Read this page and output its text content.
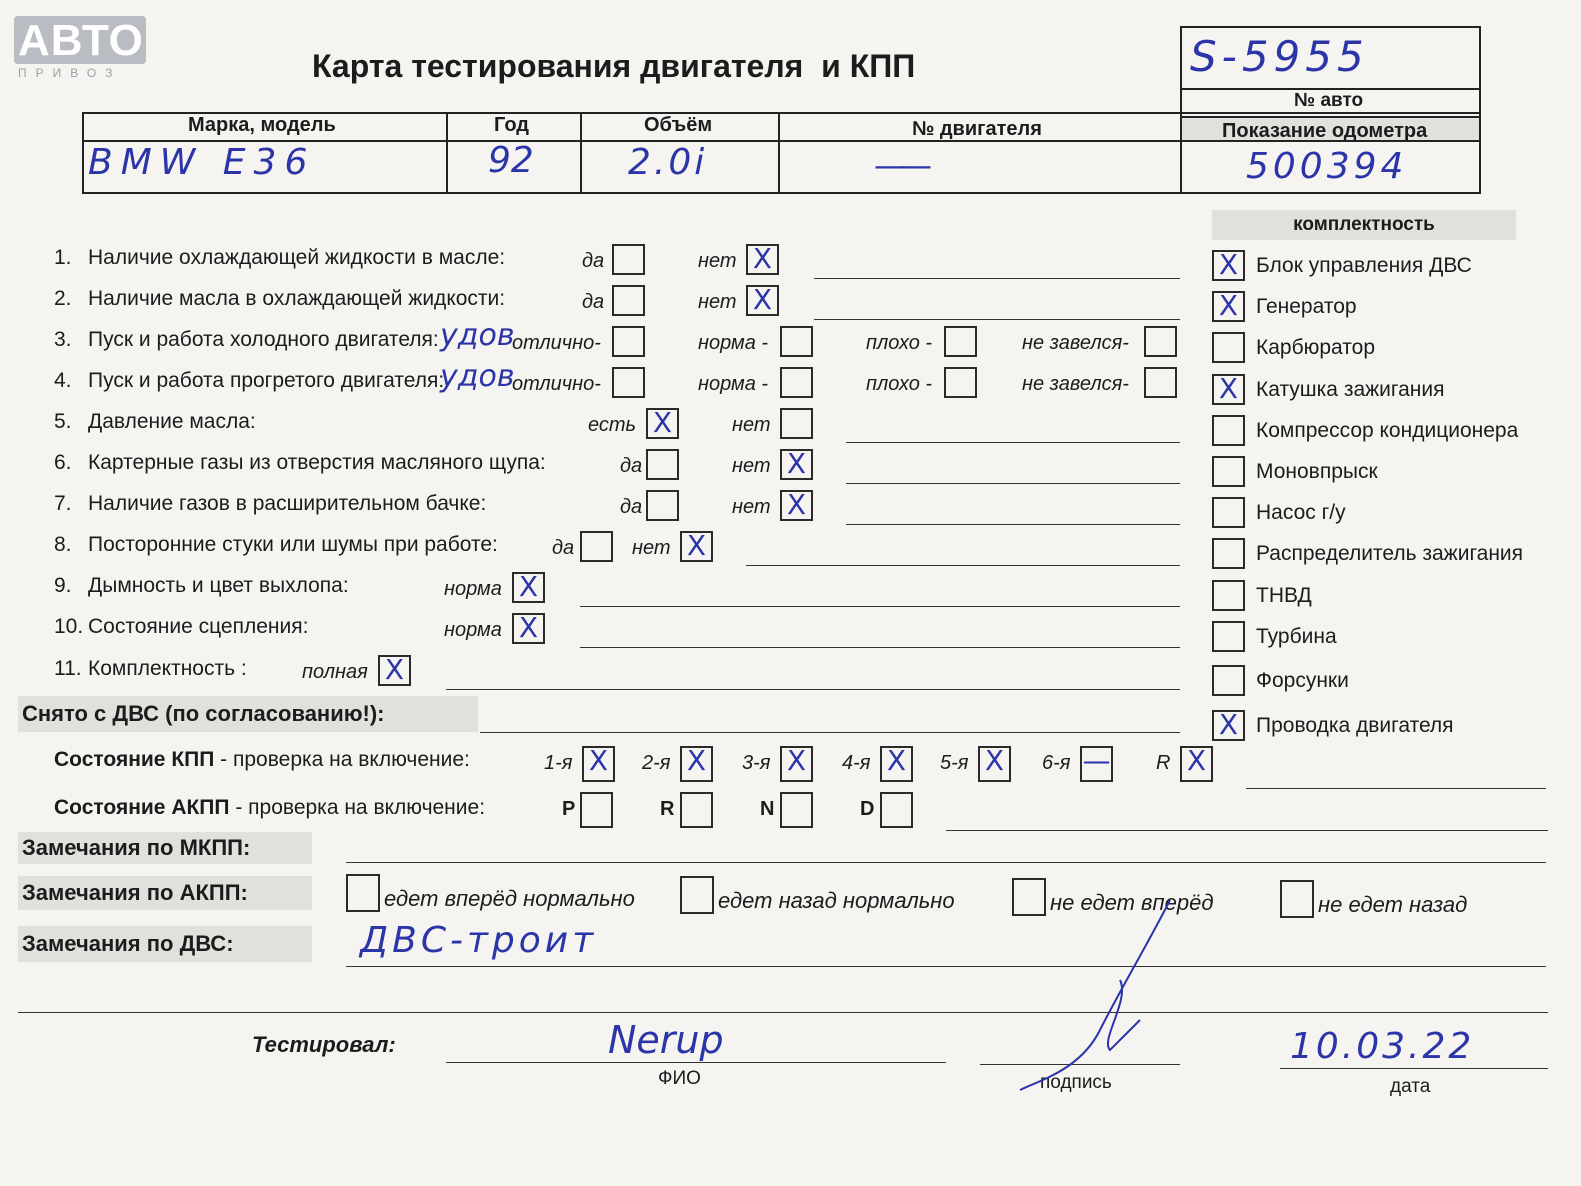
АВТО
ПРИВОЗ	Карта тестирования двигателя  и КПП	S-5955
№ авто
Марка, модель	Год	Объём	№ двигателя	Показание одометра
BMW E36	92	2.0i	——	500394
комплектность
1. Наличие охлаждающей жидкости в масле:	да	нет X
2. Наличие масла в охлаждающей жидкости:	да	нет X
3. Пуск и работа холодного двигателя: удов
отлично-	норма -	плохо -	не завелся-
4. Пуск и работа прогретого двигателя:
удов
отлично-	норма -	плохо -	не завелся-
5. Давление масла:	есть X	нет
6. Картерные газы из отверстия масляного щупа:	да	нет X
7. Наличие газов в расширительном бачке:	да	нет X
8. Посторонние стуки или шумы при работе:	да	нет X
9. Дымность и цвет выхлопа:	норма X
10. Состояние сцепления:	норма X
11. Комплектность :	полная X
X Блок управления ДВС
X Генератор
Карбюратор
X Катушка зажигания
Компрессор кондиционера
Моновпрыск
Насос г/у
Распределитель зажигания
ТНВД
Турбина
Форсунки
X Проводка двигателя
Снято с ДВС (по согласованию!):
Состояние КПП - проверка на включение:	1-я X 2-я X 3-я X 4-я X 5-я X 6-я — R X
Состояние АКПП - проверка на включение:	P	R	N	D
Замечания по МКПП:
Замечания по АКПП:	едет вперёд нормально	едет назад нормально	не едет вперёд	не едет назад
Замечания по ДВС:	ДВС-троит
Тестировал:	Nerup
ФИО	подпись
10.03.22
дата
